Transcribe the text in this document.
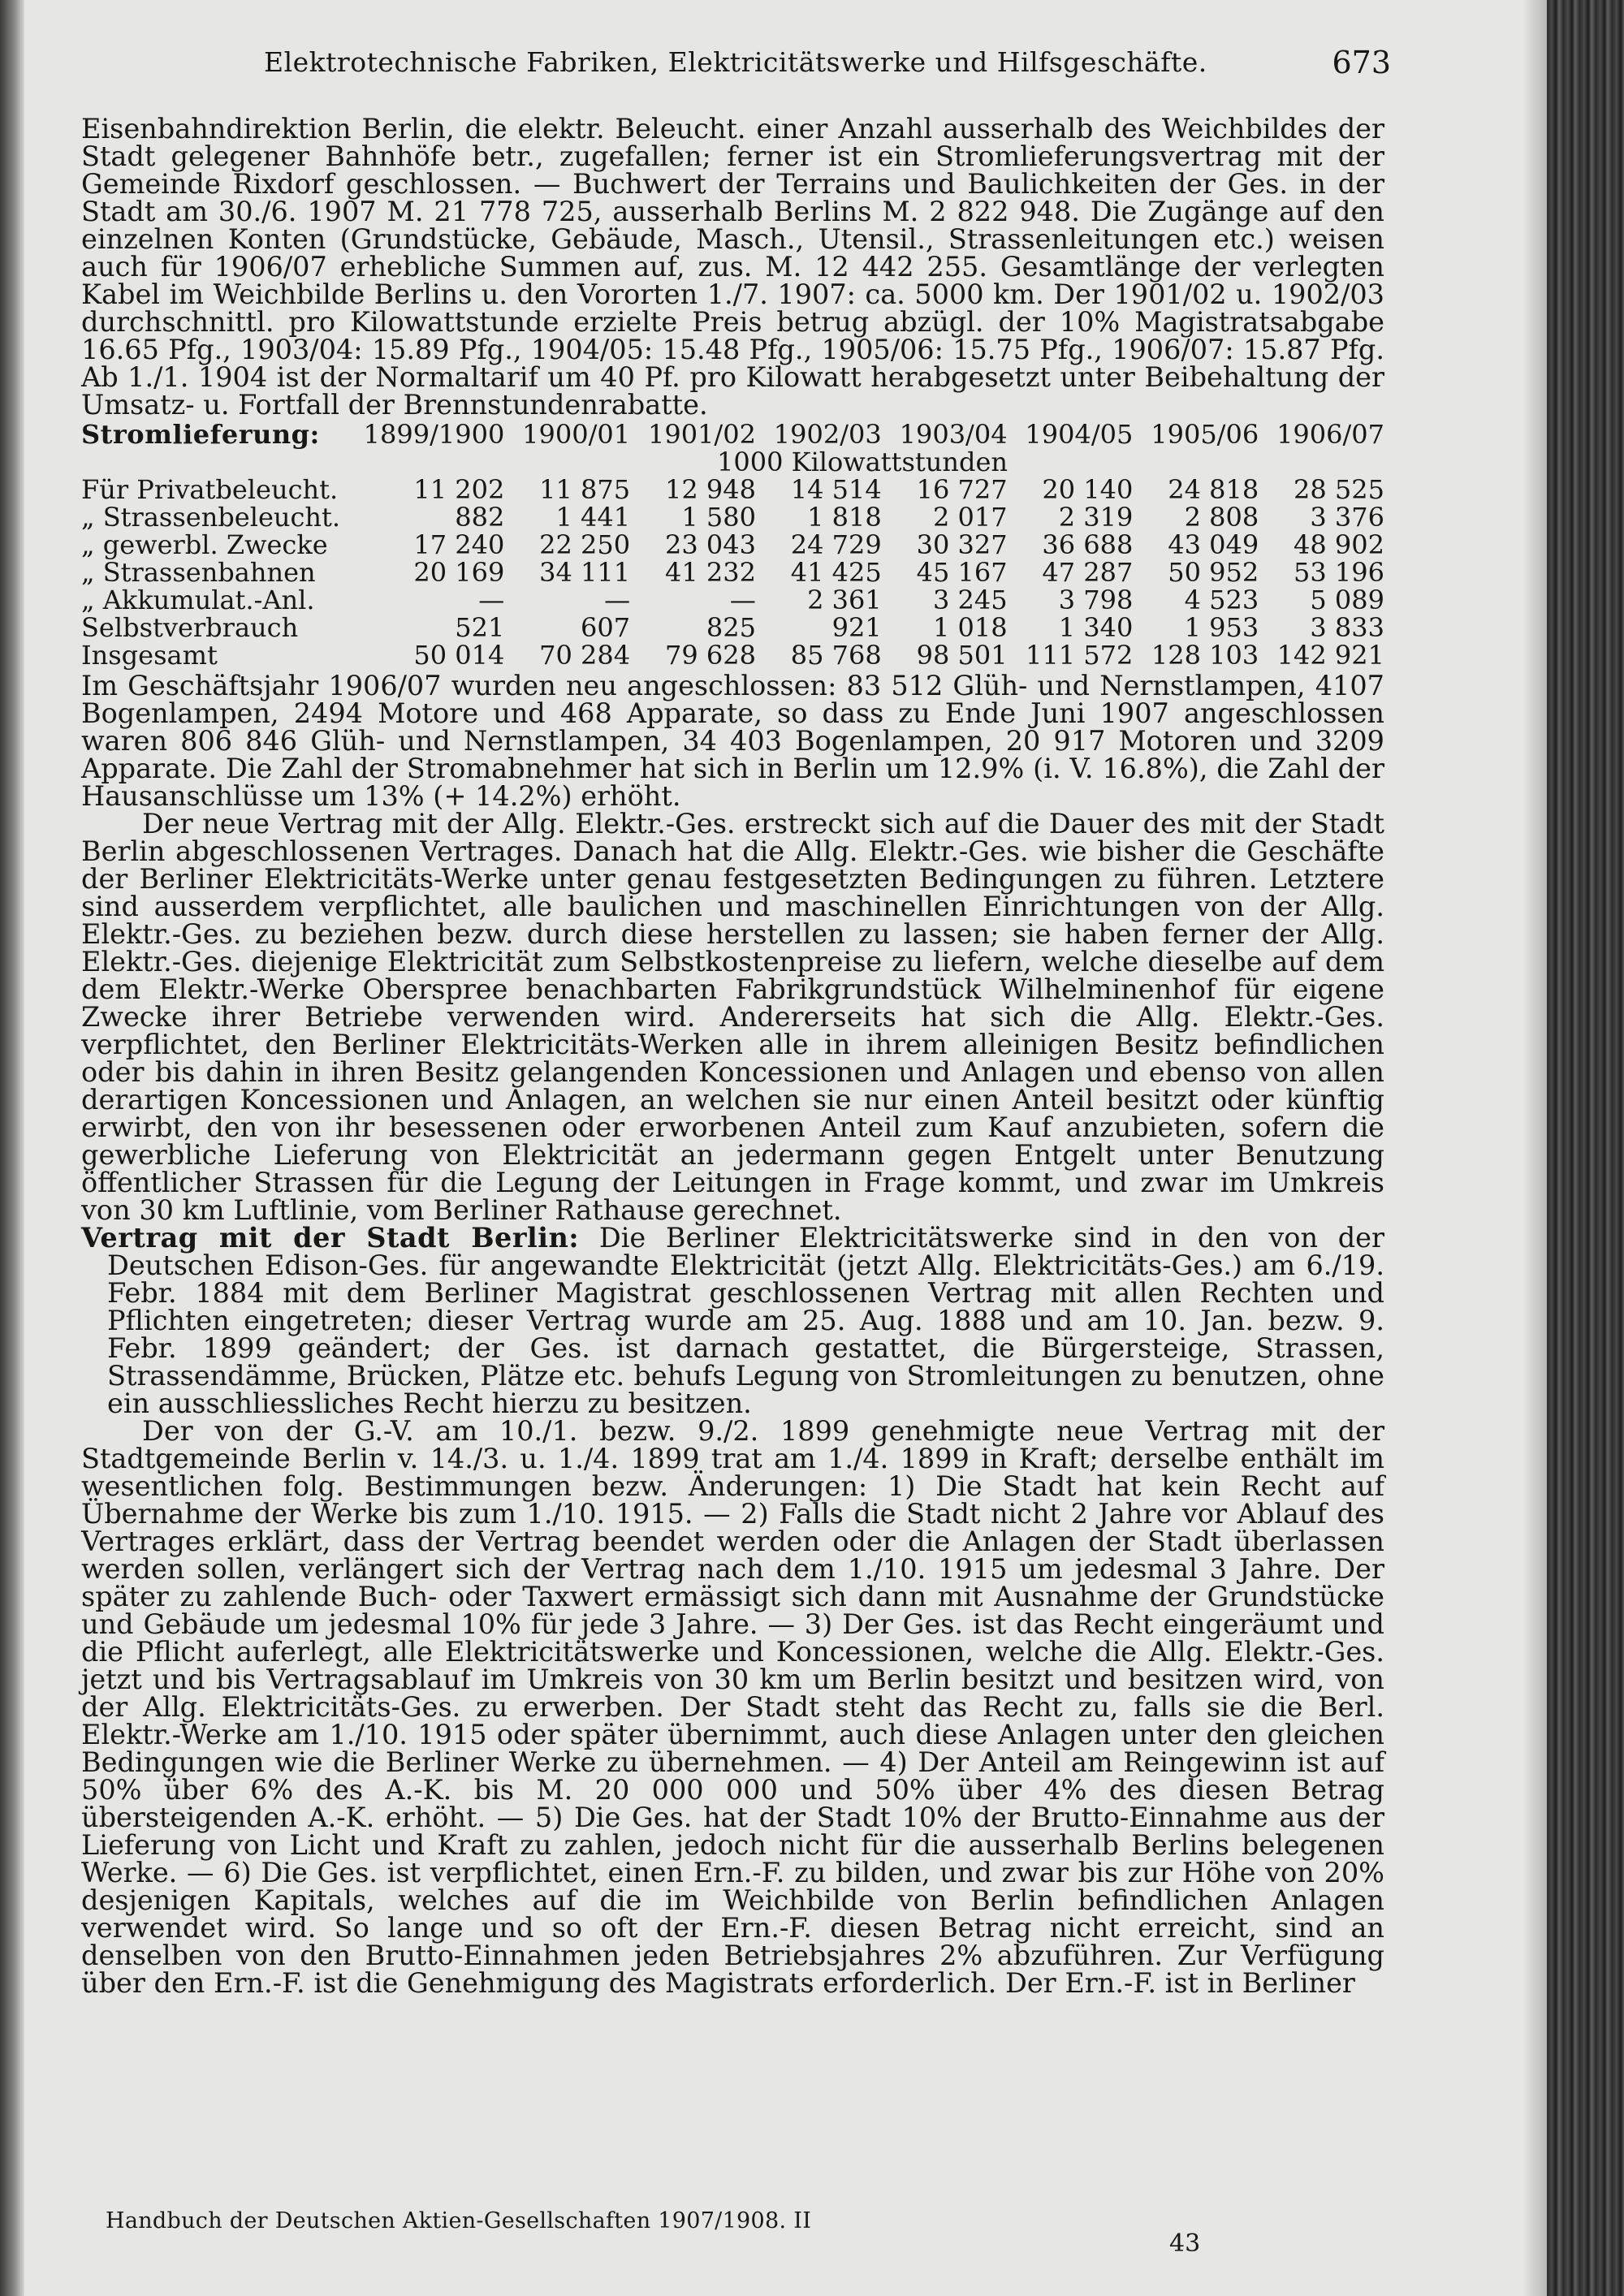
Elektrotechnische Fabriken, Elektricitätswerke und Hilfsgeschäfte.	673

Eisenbahndirektion Berlin, die elektr. Beleucht. einer Anzahl ausserhalb des Weichbildes der Stadt gelegener Bahnhöfe betr., zugefallen; ferner ist ein Stromlieferungsvertrag mit der Gemeinde Rixdorf geschlossen. — Buchwert der Terrains und Baulichkeiten der Ges. in der Stadt am 30./6. 1907 M. 21 778 725, ausserhalb Berlins M. 2 822 948. Die Zugänge auf den einzelnen Konten (Grundstücke, Gebäude, Masch., Utensil., Strassenleitungen etc.) weisen auch für 1906/07 erhebliche Summen auf, zus. M. 12 442 255. Gesamtlänge der verlegten Kabel im Weichbilde Berlins u. den Vororten 1./7. 1907: ca. 5000 km. Der 1901/02 u. 1902/03 durchschnittl. pro Kilowattstunde erzielte Preis betrug abzügl. der 10% Magistratsabgabe 16.65 Pfg., 1903/04: 15.89 Pfg., 1904/05: 15.48 Pfg., 1905/06: 15.75 Pfg., 1906/07: 15.87 Pfg. Ab 1./1. 1904 ist der Normaltarif um 40 Pf. pro Kilowatt herabgesetzt unter Beibehaltung der Umsatz- u. Fortfall der Brennstundenrabatte.

Stromlieferung:	1899/1900	1900/01	1901/02	1902/03	1903/04	1904/05	1905/06	1906/07
	1000 Kilowattstunden							
Für Privatbeleucht.	11 202	11 875	12 948	14 514	16 727	20 140	24 818	28 525
„ Strassenbeleucht.	882	1 441	1 580	1 818	2 017	2 319	2 808	3 376
„ gewerbl. Zwecke	17 240	22 250	23 043	24 729	30 327	36 688	43 049	48 902
„ Strassenbahnen	20 169	34 111	41 232	41 425	45 167	47 287	50 952	53 196
„ Akkumulat.-Anl.	—	—	—	2 361	3 245	3 798	4 523	5 089
Selbstverbrauch	521	607	825	921	1 018	1 340	1 953	3 833
Insgesamt	50 014	70 284	79 628	85 768	98 501	111 572	128 103	142 921

Im Geschäftsjahr 1906/07 wurden neu angeschlossen: 83 512 Glüh- und Nernstlampen, 4107 Bogenlampen, 2494 Motore und 468 Apparate, so dass zu Ende Juni 1907 angeschlossen waren 806 846 Glüh- und Nernstlampen, 34 403 Bogenlampen, 20 917 Motoren und 3209 Apparate. Die Zahl der Stromabnehmer hat sich in Berlin um 12.9% (i. V. 16.8%), die Zahl der Hausanschlüsse um 13% (+ 14.2%) erhöht.

Der neue Vertrag mit der Allg. Elektr.-Ges. erstreckt sich auf die Dauer des mit der Stadt Berlin abgeschlossenen Vertrages. Danach hat die Allg. Elektr.-Ges. wie bisher die Geschäfte der Berliner Elektricitäts-Werke unter genau festgesetzten Bedingungen zu führen. Letztere sind ausserdem verpflichtet, alle baulichen und maschinellen Einrichtungen von der Allg. Elektr.-Ges. zu beziehen bezw. durch diese herstellen zu lassen; sie haben ferner der Allg. Elektr.-Ges. diejenige Elektricität zum Selbstkostenpreise zu liefern, welche dieselbe auf dem dem Elektr.-Werke Oberspree benachbarten Fabrikgrundstück Wilhelminenhof für eigene Zwecke ihrer Betriebe verwenden wird. Andererseits hat sich die Allg. Elektr.-Ges. verpflichtet, den Berliner Elektricitäts-Werken alle in ihrem alleinigen Besitz befindlichen oder bis dahin in ihren Besitz gelangenden Koncessionen und Anlagen und ebenso von allen derartigen Koncessionen und Anlagen, an welchen sie nur einen Anteil besitzt oder künftig erwirbt, den von ihr besessenen oder erworbenen Anteil zum Kauf anzubieten, sofern die gewerbliche Lieferung von Elektricität an jedermann gegen Entgelt unter Benutzung öffentlicher Strassen für die Legung der Leitungen in Frage kommt, und zwar im Umkreis von 30 km Luftlinie, vom Berliner Rathause gerechnet.

Vertrag mit der Stadt Berlin: Die Berliner Elektricitätswerke sind in den von der Deutschen Edison-Ges. für angewandte Elektricität (jetzt Allg. Elektricitäts-Ges.) am 6./19. Febr. 1884 mit dem Berliner Magistrat geschlossenen Vertrag mit allen Rechten und Pflichten eingetreten; dieser Vertrag wurde am 25. Aug. 1888 und am 10. Jan. bezw. 9. Febr. 1899 geändert; der Ges. ist darnach gestattet, die Bürgersteige, Strassen, Strassendämme, Brücken, Plätze etc. behufs Legung von Stromleitungen zu benutzen, ohne ein ausschliessliches Recht hierzu zu besitzen.

Der von der G.-V. am 10./1. bezw. 9./2. 1899 genehmigte neue Vertrag mit der Stadtgemeinde Berlin v. 14./3. u. 1./4. 1899 trat am 1./4. 1899 in Kraft; derselbe enthält im wesentlichen folg. Bestimmungen bezw. Änderungen: 1) Die Stadt hat kein Recht auf Übernahme der Werke bis zum 1./10. 1915. — 2) Falls die Stadt nicht 2 Jahre vor Ablauf des Vertrages erklärt, dass der Vertrag beendet werden oder die Anlagen der Stadt überlassen werden sollen, verlängert sich der Vertrag nach dem 1./10. 1915 um jedesmal 3 Jahre. Der später zu zahlende Buch- oder Taxwert ermässigt sich dann mit Ausnahme der Grundstücke und Gebäude um jedesmal 10% für jede 3 Jahre. — 3) Der Ges. ist das Recht eingeräumt und die Pflicht auferlegt, alle Elektricitätswerke und Koncessionen, welche die Allg. Elektr.-Ges. jetzt und bis Vertragsablauf im Umkreis von 30 km um Berlin besitzt und besitzen wird, von der Allg. Elektricitäts-Ges. zu erwerben. Der Stadt steht das Recht zu, falls sie die Berl. Elektr.-Werke am 1./10. 1915 oder später übernimmt, auch diese Anlagen unter den gleichen Bedingungen wie die Berliner Werke zu übernehmen. — 4) Der Anteil am Reingewinn ist auf 50% über 6% des A.-K. bis M. 20 000 000 und 50% über 4% des diesen Betrag übersteigenden A.-K. erhöht. — 5) Die Ges. hat der Stadt 10% der Brutto-Einnahme aus der Lieferung von Licht und Kraft zu zahlen, jedoch nicht für die ausserhalb Berlins belegenen Werke. — 6) Die Ges. ist verpflichtet, einen Ern.-F. zu bilden, und zwar bis zur Höhe von 20% desjenigen Kapitals, welches auf die im Weichbilde von Berlin befindlichen Anlagen verwendet wird. So lange und so oft der Ern.-F. diesen Betrag nicht erreicht, sind an denselben von den Brutto-Einnahmen jeden Betriebsjahres 2% abzuführen. Zur Verfügung über den Ern.-F. ist die Genehmigung des Magistrats erforderlich. Der Ern.-F. ist in Berliner

Handbuch der Deutschen Aktien-Gesellschaften 1907/1908. II
43
